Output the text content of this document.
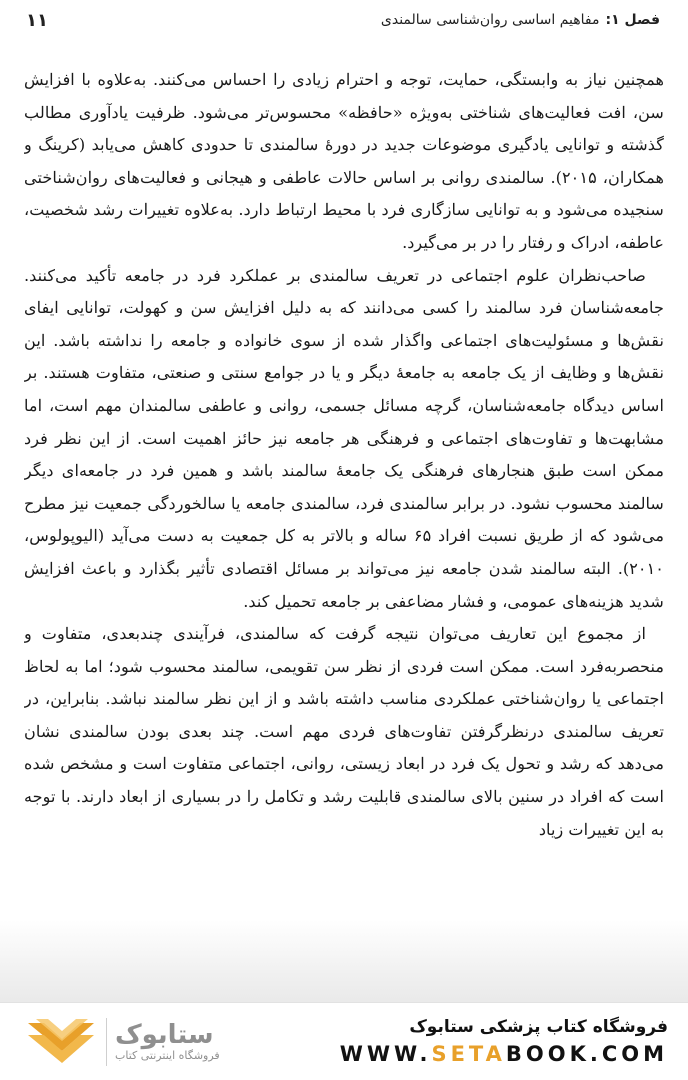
فصل ۱:
مفاهیم اساسی روان‌شناسی سالمندی
۱۱

همچنین نیاز به وابستگی، حمایت، توجه و احترام زیادی را احساس می‌کنند. به‌علاوه با افزایش سن، افت فعالیت‌های شناختی به‌ویژه «حافظه» محسوس‌تر می‌شود. ظرفیت یادآوری مطالب گذشته و توانایی یادگیری موضوعات جدید در دورهٔ سالمندی تا حدودی کاهش می‌یابد (کرینگ و همکاران، ۲۰۱۵). سالمندی روانی بر اساس حالات عاطفی و هیجانی و فعالیت‌های روان‌شناختی سنجیده می‌شود و به توانایی سازگاری فرد با محیط ارتباط دارد. به‌علاوه تغییرات رشد شخصیت، عاطفه، ادراک و رفتار را در بر می‌گیرد.

صاحب‌نظران علوم اجتماعی در تعریف سالمندی بر عملکرد فرد در جامعه تأکید می‌کنند. جامعه‌شناسان فرد سالمند را کسی می‌دانند که به دلیل افزایش سن و کهولت، توانایی ایفای نقش‌ها و مسئولیت‌های اجتماعی واگذار شده از سوی خانواده و جامعه را نداشته باشد. این نقش‌ها و وظایف از یک جامعه به جامعهٔ دیگر و یا در جوامع سنتی و صنعتی، متفاوت هستند. بر اساس دیدگاه جامعه‌شناسان، گرچه مسائل جسمی، روانی و عاطفی سالمندان مهم است، اما مشابهت‌ها و تفاوت‌های اجتماعی و فرهنگی هر جامعه نیز حائز اهمیت است. از این نظر فرد ممکن است طبق هنجارهای فرهنگی یک جامعهٔ سالمند باشد و همین فرد در جامعه‌ای دیگر سالمند محسوب نشود. در برابر سالمندی فرد، سالمندی جامعه یا سالخوردگی جمعیت نیز مطرح می‌شود که از طریق نسبت افراد ۶۵ ساله و بالاتر به کل جمعیت به دست می‌آید (الیوپولوس، ۲۰۱۰). البته سالمند شدن جامعه نیز می‌تواند بر مسائل اقتصادی تأثیر بگذارد و باعث افزایش شدید هزینه‌های عمومی، و فشار مضاعفی بر جامعه تحمیل کند.

از مجموع این تعاریف می‌توان نتیجه گرفت که سالمندی، فرآیندی چندبعدی، متفاوت و منحصربه‌فرد است. ممکن است فردی از نظر سن تقویمی، سالمند محسوب شود؛ اما به لحاظ اجتماعی یا روان‌شناختی عملکردی مناسب داشته باشد و از این نظر سالمند نباشد. بنابراین، در تعریف سالمندی درنظرگرفتن تفاوت‌های فردی مهم است. چند بعدی بودن سالمندی نشان می‌دهد که رشد و تحول یک فرد در ابعاد زیستی، روانی، اجتماعی متفاوت است و مشخص شده است که افراد در سنین بالای سالمندی قابلیت رشد و تکامل را در بسیاری از ابعاد دارند. با توجه به این تغییرات زیاد

ستابوک
فروشگاه اینترنتی کتاب
فروشگاه کتاب پزشکی ستابوک
WWW.SETABOOK.COM
